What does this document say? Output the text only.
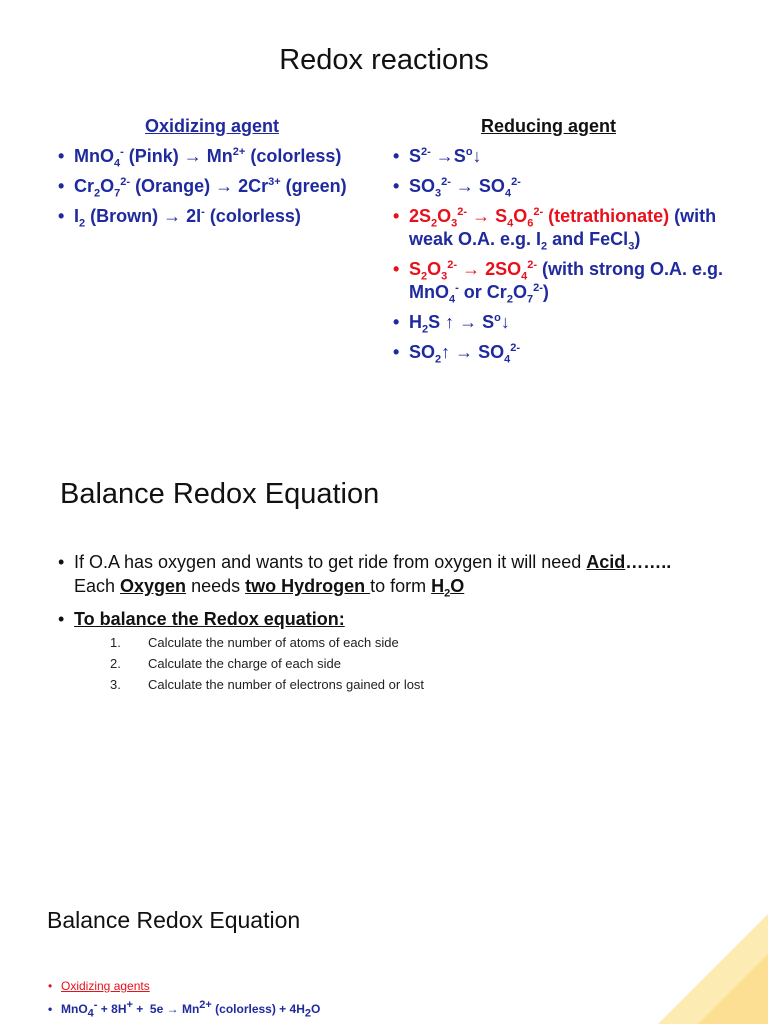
Redox reactions
Oxidizing agent	Reducing agent
• MnO$_4$- (Pink) → $Mn^{2+}$ (colorless)
• $Cr_2O_7^{2-}$ (Orange) → $2Cr^{3+}$ (green)
• $I_2$ (Brown) → 2I- (colorless)
• $S^{2-}$ $\to S^o↓$
• $SO_3^{2-} \to SO_4^{2-}$
• $2S_2O_3^{2-} \to S_4O_6^{2-}$ (tetrathionate) (with weak O.A. e.g. $I_2$ and FeCl$_3$)
• $S_2O_3^{2-} \to 2SO_4^{2-}$ (with strong O.A. e.g. MnO$_4$- or $Cr_2O_7^{2-}$)
• $H_2S$ ↑ → $S^o↓$
• $SO_2↑ \to SO_4^{2-}$
Balance Redox Equation
• If O.A has oxygen and wants to get ride from oxygen it will need Acid……..  Each Oxygen needs two Hydrogen to form $H_2O$
• To balance the Redox equation:
1. Calculate the number of atoms of each side
2. Calculate the charge of each side
3. Calculate the number of electrons gained or lost
Balance Redox Equation
• Oxidizing agents
• $MnO_4^- + 8H^+ + 5e \to Mn^{2+}$ (colorless) + $4H_2O$
